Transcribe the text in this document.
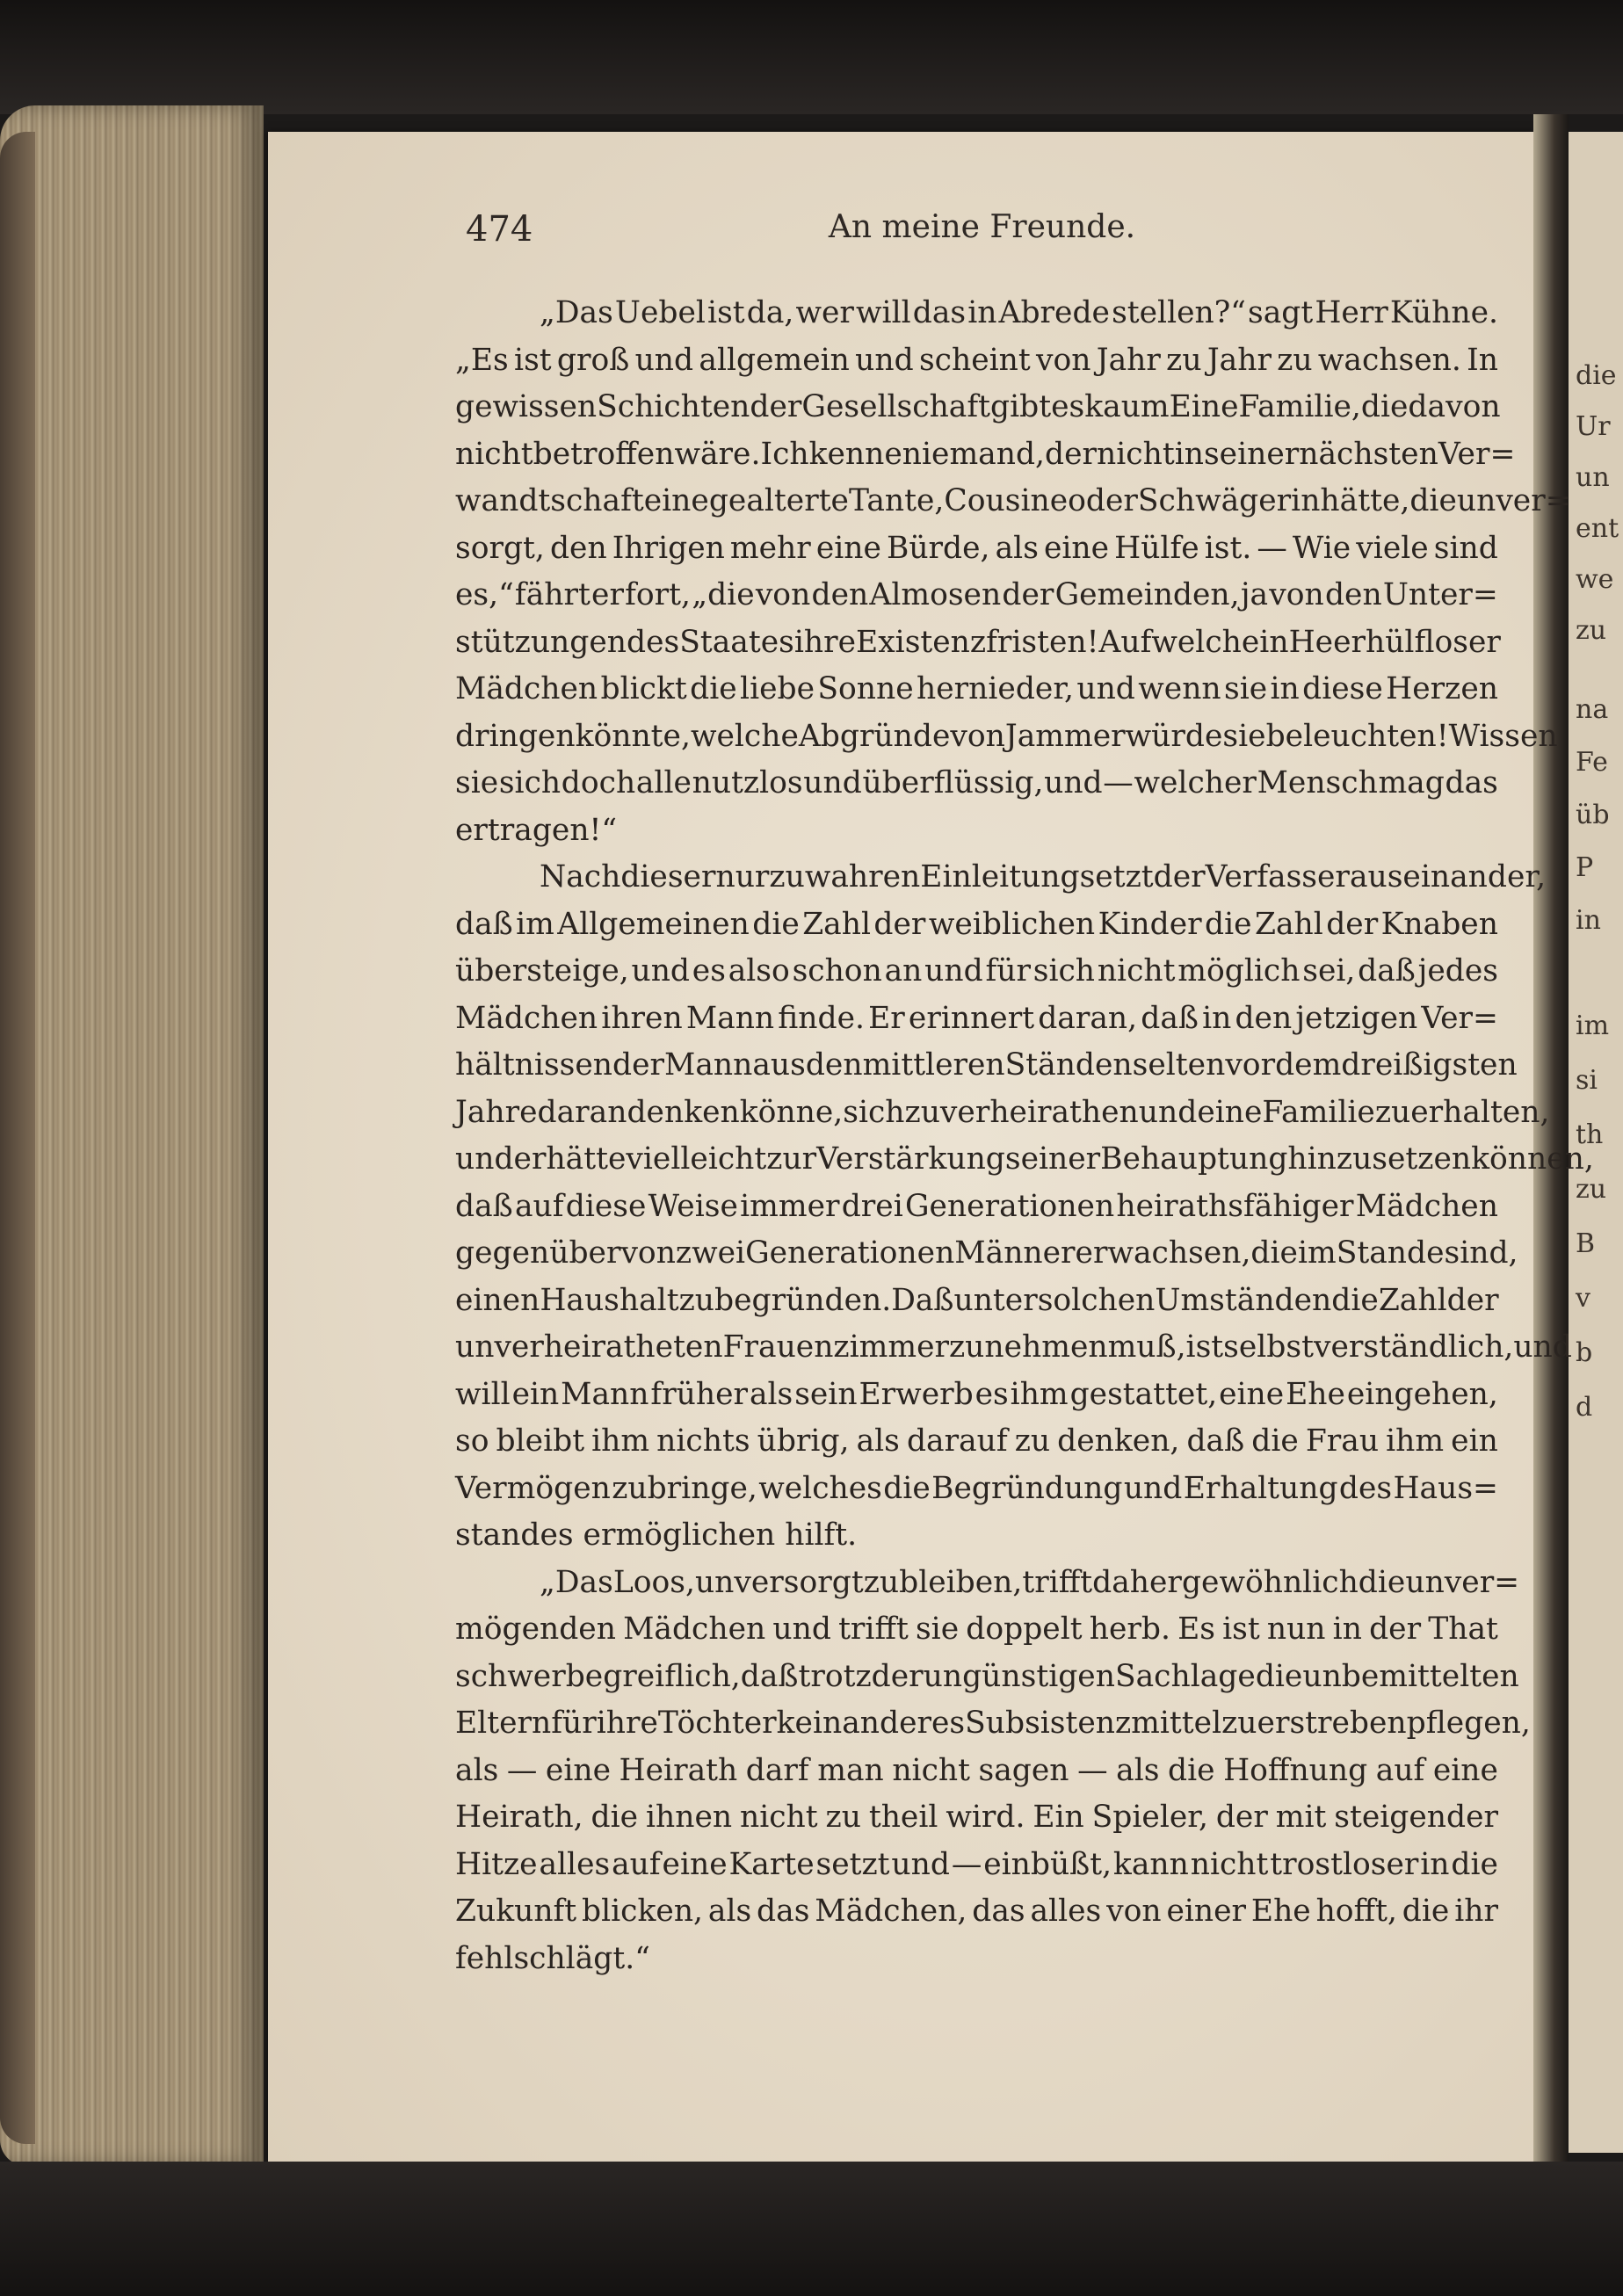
die
Ur
un
ent
we
zu
na
Fe
üb
P
in
im
si
th
zu
B
v
b
d
474	An meine Freunde.
„Das Uebel ist da, wer will das in Abrede stellen?“ sagt Herr Kühne.
„Es ist groß und allgemein und scheint von Jahr zu Jahr zu wachsen. In
gewissen Schichten der Gesellschaft gibt es kaum Eine Familie, die davon
nicht betroffen wäre. Ich kenne niemand, der nicht in seiner nächsten Ver=
wandtschaft eine gealterte Tante, Cousine oder Schwägerin hätte, die unver=
sorgt, den Ihrigen mehr eine Bürde, als eine Hülfe ist. — Wie viele sind
es,“ fährt er fort, „die von den Almosen der Gemeinden, ja von den Unter=
stützungen des Staates ihre Existenz fristen! Auf welch ein Heer hülfloser
Mädchen blickt die liebe Sonne hernieder, und wenn sie in diese Herzen
dringen könnte, welche Abgründe von Jammer würde sie beleuchten! Wissen
sie sich doch alle nutzlos und überflüssig, und — welcher Mensch mag das
ertragen!“
Nach dieser nur zu wahren Einleitung setzt der Verfasser auseinander,
daß im Allgemeinen die Zahl der weiblichen Kinder die Zahl der Knaben
übersteige, und es also schon an und für sich nicht möglich sei, daß jedes
Mädchen ihren Mann finde. Er erinnert daran, daß in den jetzigen Ver=
hältnissen der Mann aus den mittleren Ständen selten vor dem dreißigsten
Jahre daran denken könne, sich zu verheirathen und eine Familie zu erhalten,
und er hätte vielleicht zur Verstärkung seiner Behauptung hinzusetzen können,
daß auf diese Weise immer drei Generationen heirathsfähiger Mädchen
gegenüber von zwei Generationen Männer erwachsen, die im Stande sind,
einen Haushalt zu begründen. Daß unter solchen Umständen die Zahl der
unverheiratheten Frauenzimmer zunehmen muß, ist selbstverständlich, und
will ein Mann früher als sein Erwerb es ihm gestattet, eine Ehe eingehen,
so bleibt ihm nichts übrig, als darauf zu denken, daß die Frau ihm ein
Vermögen zubringe, welches die Begründung und Erhaltung des Haus=
standes ermöglichen hilft.
„Das Loos, unversorgt zu bleiben, trifft daher gewöhnlich die unver=
mögenden Mädchen und trifft sie doppelt herb. Es ist nun in der That
schwer begreiflich, daß trotz der ungünstigen Sachlage die unbemittelten
Eltern für ihre Töchter kein anderes Subsistenzmittel zu erstreben pflegen,
als — eine Heirath darf man nicht sagen — als die Hoffnung auf eine
Heirath, die ihnen nicht zu theil wird. Ein Spieler, der mit steigender
Hitze alles auf eine Karte setzt und — einbüßt, kann nicht trostloser in die
Zukunft blicken, als das Mädchen, das alles von einer Ehe hofft, die ihr
fehlschlägt.“
